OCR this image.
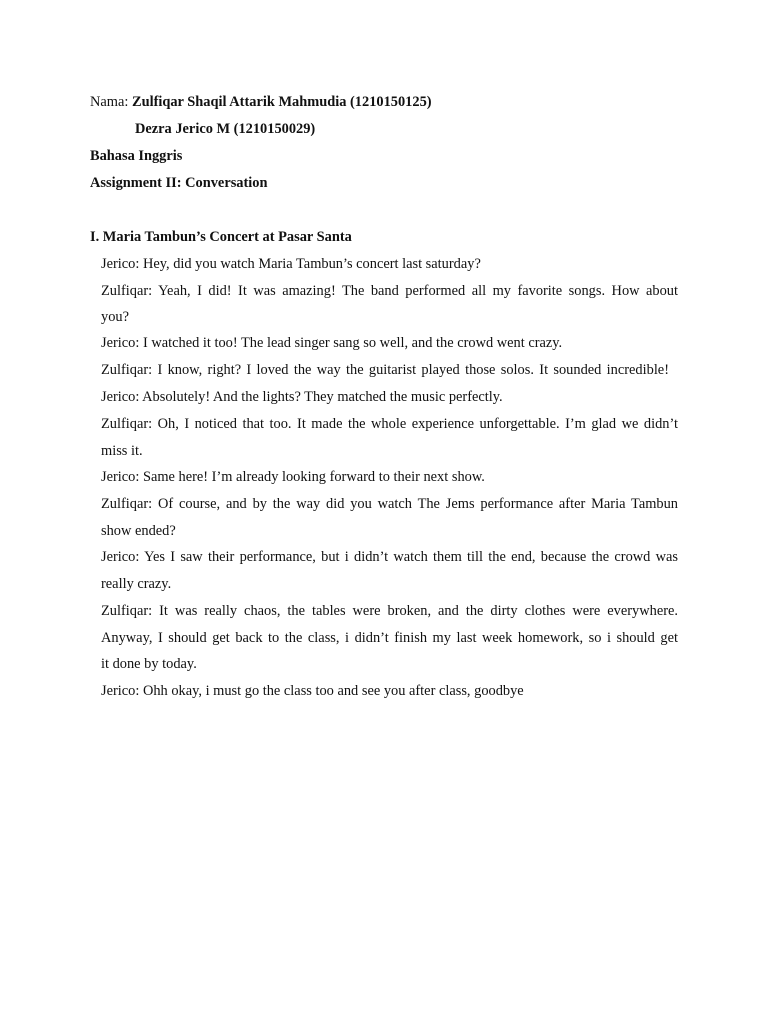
Nama: Zulfiqar Shaqil Attarik Mahmudia (1210150125)
Dezra Jerico M (1210150029)
Bahasa Inggris
Assignment II: Conversation
I. Maria Tambun’s Concert at Pasar Santa
Jerico: Hey, did you watch Maria Tambun’s concert last saturday?
Zulfiqar: Yeah, I did! It was amazing! The band performed all my favorite songs. How about
you?
Jerico: I watched it too! The lead singer sang so well, and the crowd went crazy.
Zulfiqar: I know, right? I loved the way the guitarist played those solos. It sounded incredible!
Jerico: Absolutely! And the lights? They matched the music perfectly.
Zulfiqar: Oh, I noticed that too. It made the whole experience unforgettable. I’m glad we didn’t
miss it.
Jerico: Same here! I’m already looking forward to their next show.
Zulfiqar: Of course, and by the way did you watch The Jems performance after Maria Tambun
show ended?
Jerico: Yes I saw their performance, but i didn’t watch them till the end, because the crowd was
really crazy.
Zulfiqar: It was really chaos, the tables were broken, and the dirty clothes were everywhere.
Anyway, I should get back to the class, i didn’t finish my last week homework, so i should get
it done by today.
Jerico: Ohh okay, i must go the class too and see you after class, goodbye
